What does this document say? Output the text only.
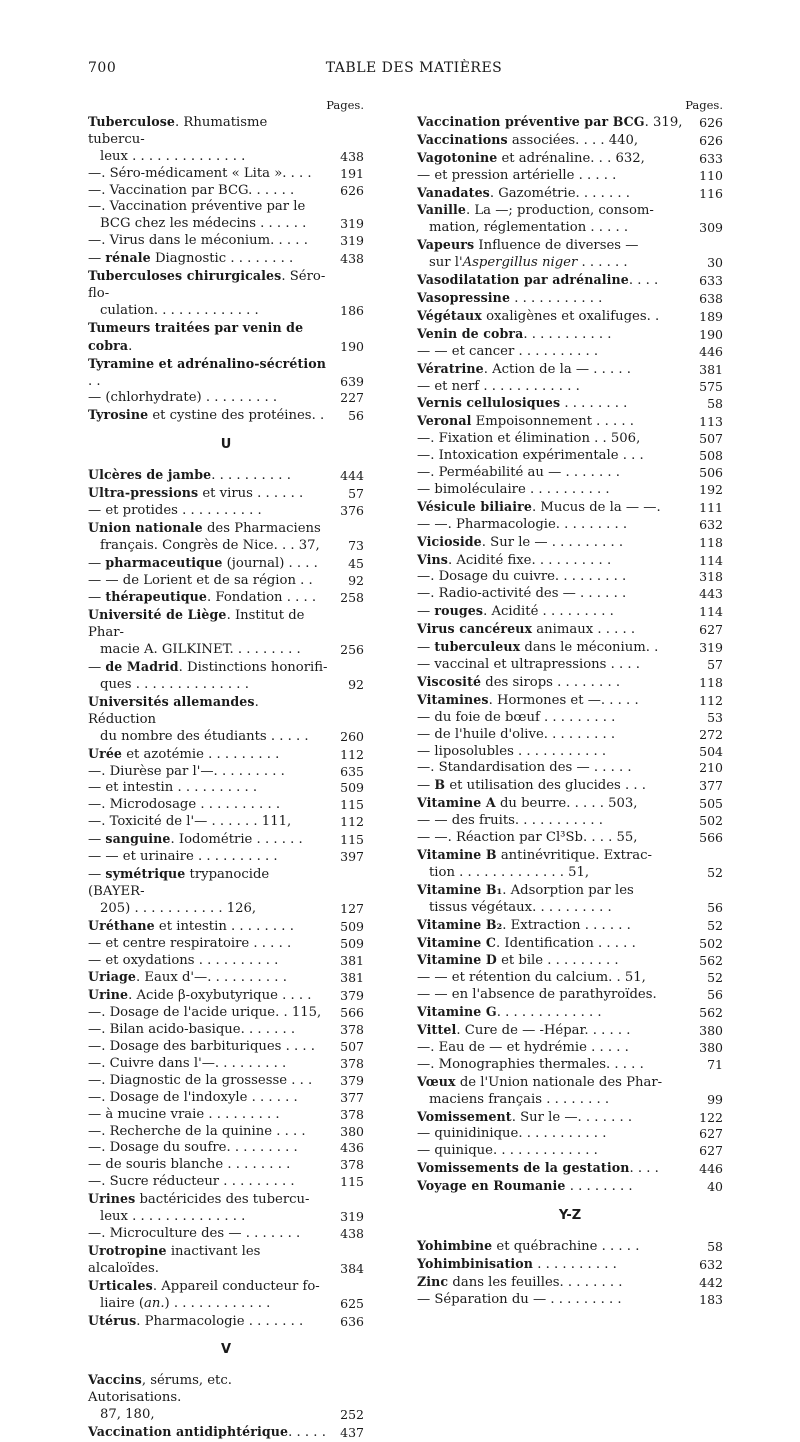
700	TABLE DES MATIÈRES
Pages.
Tuberculose. Rhumatisme tubercu-
leux . . . . . . . . . . . . . .	438
—. Séro-médicament « Lita ». . . .	191
—. Vaccination par BCG. . . . . .	626
—. Vaccination préventive par le
BCG chez les médecins . . . . . .	319
—. Virus dans le méconium. . . . .	319
— rénale Diagnostic . . . . . . . .	438
Tuberculoses chirurgicales. Séro-flo-
culation. . . . . . . . . . . . .	186
Tumeurs traitées par venin de cobra.	190
Tyramine et adrénalino-sécrétion . .	639
— (chlorhydrate) . . . . . . . . .	227
Tyrosine et cystine des protéines. .	56
U
Ulcères de jambe. . . . . . . . . .	444
Ultra-pressions et virus . . . . . .	57
— et protides . . . . . . . . . .	376
Union nationale des Pharmaciens
français. Congrès de Nice. . . 37,	73
— pharmaceutique (journal) . . . .	45
— — de Lorient et de sa région . .	92
— thérapeutique. Fondation . . . .	258
Université de Liège. Institut de Phar-
macie A. GILKINET. . . . . . . . .	256
— de Madrid. Distinctions honorifi-
ques . . . . . . . . . . . . . .	92
Universités allemandes. Réduction
du nombre des étudiants . . . . .	260
Urée et azotémie . . . . . . . . .	112
—. Diurèse par l'—. . . . . . . . .	635
— et intestin . . . . . . . . . .	509
—. Microdosage . . . . . . . . . .	115
—. Toxicité de l'— . . . . . . 111,	112
— sanguine. Iodométrie . . . . . .	115
— — et urinaire . . . . . . . . . .	397
— symétrique trypanocide (BAYER-
205) . . . . . . . . . . . 126,	127
Uréthane et intestin . . . . . . . .	509
— et centre respiratoire . . . . .	509
— et oxydations . . . . . . . . . .	381
Uriage. Eaux d'—. . . . . . . . . .	381
Urine. Acide β-oxybutyrique . . . .	379
—. Dosage de l'acide urique. . 115,	566
—. Bilan acido-basique. . . . . . .	378
—. Dosage des barbituriques . . . .	507
—. Cuivre dans l'—. . . . . . . . .	378
—. Diagnostic de la grossesse . . .	379
—. Dosage de l'indoxyle . . . . . .	377
— à mucine vraie . . . . . . . . .	378
—. Recherche de la quinine . . . .	380
—. Dosage du soufre. . . . . . . . .	436
— de souris blanche . . . . . . . .	378
—. Sucre réducteur . . . . . . . . .	115
Urines bactéricides des tubercu-
leux . . . . . . . . . . . . . .	319
—. Microculture des — . . . . . . .	438
Urotropine inactivant les alcaloïdes.	384
Urticales. Appareil conducteur fo-
liaire (an.) . . . . . . . . . . . .	625
Utérus. Pharmacologie . . . . . . .	636
V
Vaccins, sérums, etc. Autorisations.
87, 180,	252
Vaccination antidiphtérique. . . . . 437
Pages.
Vaccination préventive par BCG. 319,	626
Vaccinations associées. . . . 440,	626
Vagotonine et adrénaline. . . 632,	633
— et pression artérielle . . . . .	110
Vanadates. Gazométrie. . . . . . .	116
Vanille. La —; production, consom-
mation, réglementation . . . . .	309
Vapeurs Influence de diverses —
sur l'Aspergillus niger . . . . . .	30
Vasodilatation par adrénaline. . . .	633
Vasopressine . . . . . . . . . . .	638
Végétaux oxaligènes et oxalifuges. .	189
Venin de cobra. . . . . . . . . . .	190
— — et cancer . . . . . . . . . .	446
Vératrine. Action de la — . . . . .	381
— et nerf . . . . . . . . . . . .	575
Vernis cellulosiques . . . . . . . .	58
Veronal Empoisonnement . . . . .	113
—. Fixation et élimination . . 506,	507
—. Intoxication expérimentale . . .	508
—. Perméabilité au — . . . . . . .	506
— bimoléculaire . . . . . . . . . .	192
Vésicule biliaire. Mucus de la — —.	111
— —. Pharmacologie. . . . . . . . .	632
Vicioside. Sur le — . . . . . . . . .	118
Vins. Acidité fixe. . . . . . . . . .	114
—. Dosage du cuivre. . . . . . . . .	318
—. Radio-activité des — . . . . . .	443
— rouges. Acidité . . . . . . . . .	114
Virus cancéreux animaux . . . . .	627
— tuberculeux dans le méconium. .	319
— vaccinal et ultrapressions . . . .	57
Viscosité des sirops . . . . . . . .	118
Vitamines. Hormones et —. . . . .	112
— du foie de bœuf . . . . . . . . .	53
— de l'huile d'olive. . . . . . . . .	272
— liposolubles . . . . . . . . . . .	504
—. Standardisation des — . . . . .	210
— B et utilisation des glucides . . .	377
Vitamine A du beurre. . . . . 503,	505
— — des fruits. . . . . . . . . . .	502
— —. Réaction par Cl³Sb. . . . 55,	566
Vitamine B antinévritique. Extrac-
tion . . . . . . . . . . . . . 51,	52
Vitamine B₁. Adsorption par les
tissus végétaux. . . . . . . . . .	56
Vitamine B₂. Extraction . . . . . .	52
Vitamine C. Identification . . . . .	502
Vitamine D et bile . . . . . . . . .	562
— — et rétention du calcium. . 51,	52
— — en l'absence de parathyroïdes.	56
Vitamine G. . . . . . . . . . . . .	562
Vittel. Cure de — -Hépar. . . . . .	380
—. Eau de — et hydrémie . . . . .	380
—. Monographies thermales. . . . .	71
Vœux de l'Union nationale des Phar-
maciens français . . . . . . . .	99
Vomissement. Sur le —. . . . . . .	122
— quinidinique. . . . . . . . . . .	627
— quinique. . . . . . . . . . . . .	627
Vomissements de la gestation. . . .	446
Voyage en Roumanie . . . . . . . .	40
Y-Z
Yohimbine et québrachine . . . . .	58
Yohimbinisation . . . . . . . . . .	632
Zinc dans les feuilles. . . . . . . .	442
— Séparation du — . . . . . . . . .	183
